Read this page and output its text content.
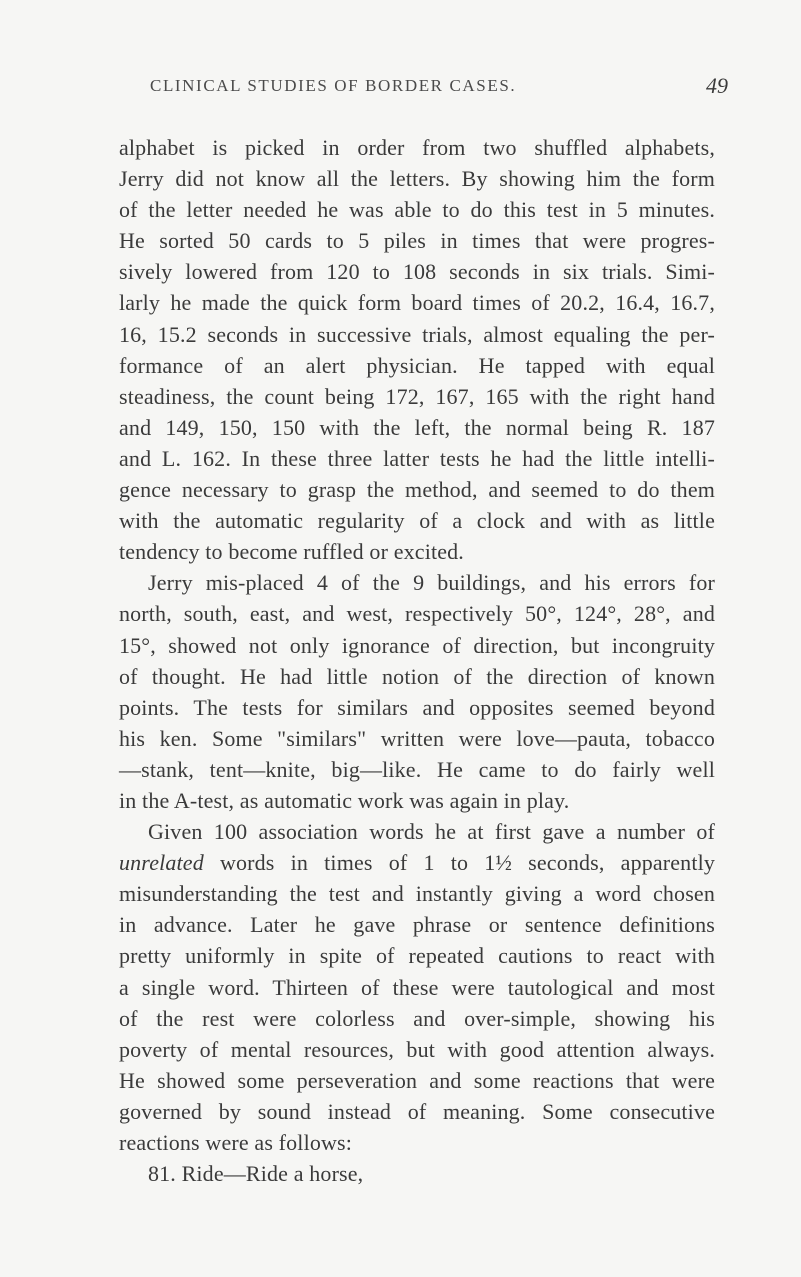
CLINICAL STUDIES OF BORDER CASES.	49
alphabet is picked in order from two shuffled alphabets,
Jerry did not know all the letters. By showing him the form
of the letter needed he was able to do this test in 5 minutes.
He sorted 50 cards to 5 piles in times that were progres-
sively lowered from 120 to 108 seconds in six trials. Simi-
larly he made the quick form board times of 20.2, 16.4, 16.7,
16, 15.2 seconds in successive trials, almost equaling the per-
formance of an alert physician. He tapped with equal
steadiness, the count being 172, 167, 165 with the right hand
and 149, 150, 150 with the left, the normal being R. 187
and L. 162. In these three latter tests he had the little intelli-
gence necessary to grasp the method, and seemed to do them
with the automatic regularity of a clock and with as little
tendency to become ruffled or excited.
Jerry mis-placed 4 of the 9 buildings, and his errors for
north, south, east, and west, respectively 50°, 124°, 28°, and
15°, showed not only ignorance of direction, but incongruity
of thought. He had little notion of the direction of known
points. The tests for similars and opposites seemed beyond
his ken. Some "similars" written were love—pauta, tobacco
—stank, tent—knite, big—like. He came to do fairly well
in the A-test, as automatic work was again in play.
Given 100 association words he at first gave a number of
unrelated words in times of 1 to 1½ seconds, apparently
misunderstanding the test and instantly giving a word chosen
in advance. Later he gave phrase or sentence definitions
pretty uniformly in spite of repeated cautions to react with
a single word. Thirteen of these were tautological and most
of the rest were colorless and over-simple, showing his
poverty of mental resources, but with good attention always.
He showed some perseveration and some reactions that were
governed by sound instead of meaning. Some consecutive
reactions were as follows:
81. Ride—Ride a horse,
